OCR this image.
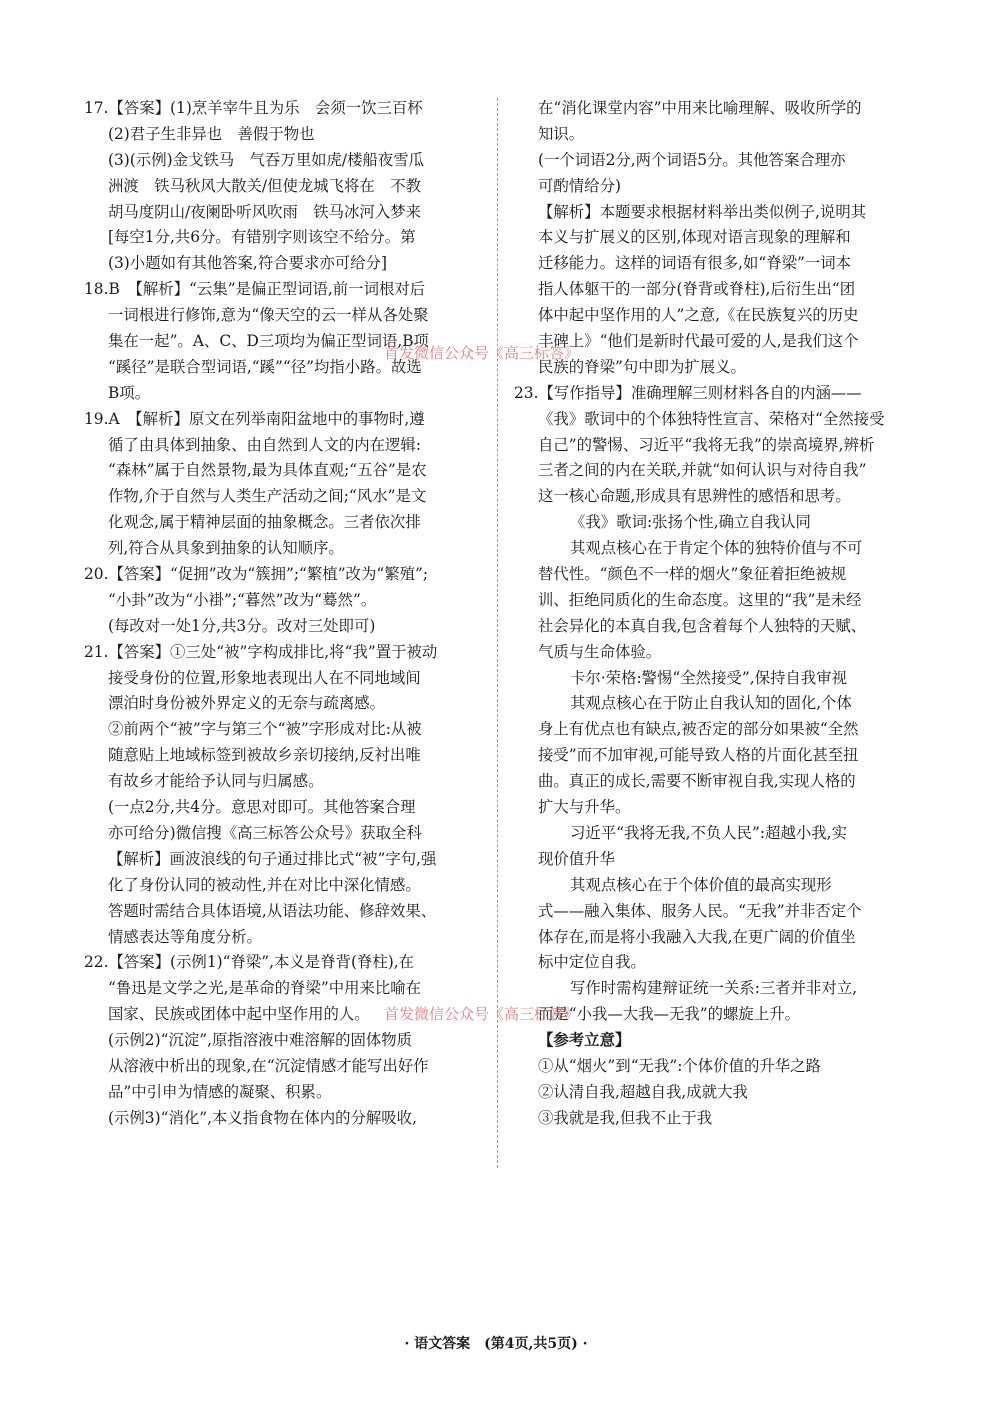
17.【答案】(1)烹羊宰牛且为乐　会须一饮三百杯
(2)君子生非异也　善假于物也
(3)(示例)金戈铁马　气吞万里如虎/楼船夜雪瓜
洲渡　铁马秋风大散关/但使龙城飞将在　不教
胡马度阴山/夜阑卧听风吹雨　铁马冰河入梦来
[每空1分,共6分。有错别字则该空不给分。第
(3)小题如有其他答案,符合要求亦可给分]
18.B　【解析】“云集”是偏正型词语,前一词根对后
一词根进行修饰,意为“像天空的云一样从各处聚
集在一起”。A、C、D三项均为偏正型词语,B项
“蹊径”是联合型词语,“蹊”“径”均指小路。故选
B项。
19.A　【解析】原文在列举南阳盆地中的事物时,遵
循了由具体到抽象、由自然到人文的内在逻辑:
“森林”属于自然景物,最为具体直观;“五谷”是农
作物,介于自然与人类生产活动之间;“风水”是文
化观念,属于精神层面的抽象概念。三者依次排
列,符合从具象到抽象的认知顺序。
20.【答案】“促拥”改为“簇拥”;“繁植”改为“繁殖”;
“小卦”改为“小褂”;“暮然”改为“蓦然”。
(每改对一处1分,共3分。改对三处即可)
21.【答案】①三处“被”字构成排比,将“我”置于被动
接受身份的位置,形象地表现出人在不同地域间
漂泊时身份被外界定义的无奈与疏离感。
②前两个“被”字与第三个“被”字形成对比:从被
随意贴上地域标签到被故乡亲切接纳,反衬出唯
有故乡才能给予认同与归属感。
(一点2分,共4分。意思对即可。其他答案合理
亦可给分)微信搜《高三标答公众号》获取全科
【解析】画波浪线的句子通过排比式“被”字句,强
化了身份认同的被动性,并在对比中深化情感。
答题时需结合具体语境,从语法功能、修辞效果、
情感表达等角度分析。
22.【答案】(示例1)“脊梁”,本义是脊背(脊柱),在
“鲁迅是文学之光,是革命的脊梁”中用来比喻在
国家、民族或团体中起中坚作用的人。
(示例2)“沉淀”,原指溶液中难溶解的固体物质
从溶液中析出的现象,在“沉淀情感才能写出好作
品”中引申为情感的凝聚、积累。
(示例3)“消化”,本义指食物在体内的分解吸收,
在“消化课堂内容”中用来比喻理解、吸收所学的
知识。
(一个词语2分,两个词语5分。其他答案合理亦
可酌情给分)
【解析】本题要求根据材料举出类似例子,说明其
本义与扩展义的区别,体现对语言现象的理解和
迁移能力。这样的词语有很多,如“脊梁”一词本
指人体躯干的一部分(脊背或脊柱),后衍生出“团
体中起中坚作用的人”之意,《在民族复兴的历史
丰碑上》“他们是新时代最可爱的人,是我们这个
民族的脊梁”句中即为扩展义。
23.【写作指导】准确理解三则材料各自的内涵——
《我》歌词中的个体独特性宣言、荣格对“全然接受
自己”的警惕、习近平“我将无我”的崇高境界,辨析
三者之间的内在关联,并就“如何认识与对待自我”
这一核心命题,形成具有思辨性的感悟和思考。
《我》歌词:张扬个性,确立自我认同
其观点核心在于肯定个体的独特价值与不可
替代性。“颜色不一样的烟火”象征着拒绝被规
训、拒绝同质化的生命态度。这里的“我”是未经
社会异化的本真自我,包含着每个人独特的天赋、
气质与生命体验。
卡尔·荣格:警惕“全然接受”,保持自我审视
其观点核心在于防止自我认知的固化,个体
身上有优点也有缺点,被否定的部分如果被“全然
接受”而不加审视,可能导致人格的片面化甚至扭
曲。真正的成长,需要不断审视自我,实现人格的
扩大与升华。
习近平“我将无我,不负人民”:超越小我,实
现价值升华
其观点核心在于个体价值的最高实现形
式——融入集体、服务人民。“无我”并非否定个
体存在,而是将小我融入大我,在更广阔的价值坐
标中定位自我。
写作时需构建辩证统一关系:三者并非对立,
而是“小我—大我—无我”的螺旋上升。
【参考立意】
①从“烟火”到“无我”:个体价值的升华之路
②认清自我,超越自我,成就大我
③我就是我,但我不止于我
首发微信公众号《高三标答》
首发微信公众号《高三标答》
· 语文答案　(第4页,共5页) ·
